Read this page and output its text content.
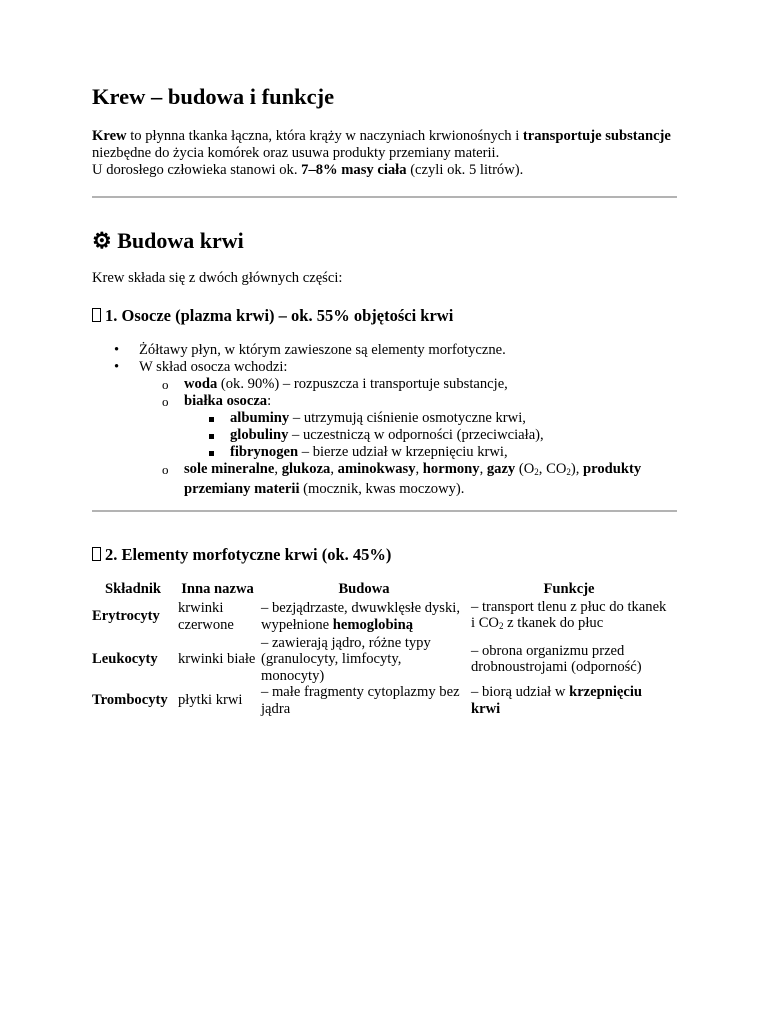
Krew – budowa i funkcje

Krew to płynna tkanka łączna, która krąży w naczyniach krwionośnych i transportuje substancje niezbędne do życia komórek oraz usuwa produkty przemiany materii.

U dorosłego człowieka stanowi ok. 7–8% masy ciała (czyli ok. 5 litrów).

⚙ Budowa krwi

Krew składa się z dwóch głównych części:

1. Osocze (plazma krwi) – ok. 55% objętości krwi
• Żółtawy płyn, w którym zawieszone są elementy morfotyczne.
• W skład osocza wchodzi:
o woda (ok. 90%) – rozpuszcza i transportuje substancje,
o białka osocza:
albuminy – utrzymują ciśnienie osmotyczne krwi,
globuliny – uczestniczą w odporności (przeciwciała),
fibrynogen – bierze udział w krzepnięciu krwi,
o sole mineralne, glukoza, aminokwasy, hormony, gazy ($O_2$, $CO_2$), produkty przemiany materii (mocznik, kwas moczowy).
2. Elementy morfotyczne krwi (ok. 45%)
Składnik	Inna nazwa	Budowa	Funkcje
Erytrocyty	krwinki czerwone	– bezjądrzaste, dwuwklęsłe dyski, wypełnione hemoglobiną	– transport tlenu z płuc do tkanek i $CO_2$ z tkanek do płuc
Leukocyty	krwinki białe	– zawierają jądro, różne typy (granulocyty, limfocyty, monocyty)	– obrona organizmu przed drobnoustrojami (odporność)
Trombocyty	płytki krwi	– małe fragmenty cytoplazmy bez jądra	– biorą udział w krzepnięciu krwi
